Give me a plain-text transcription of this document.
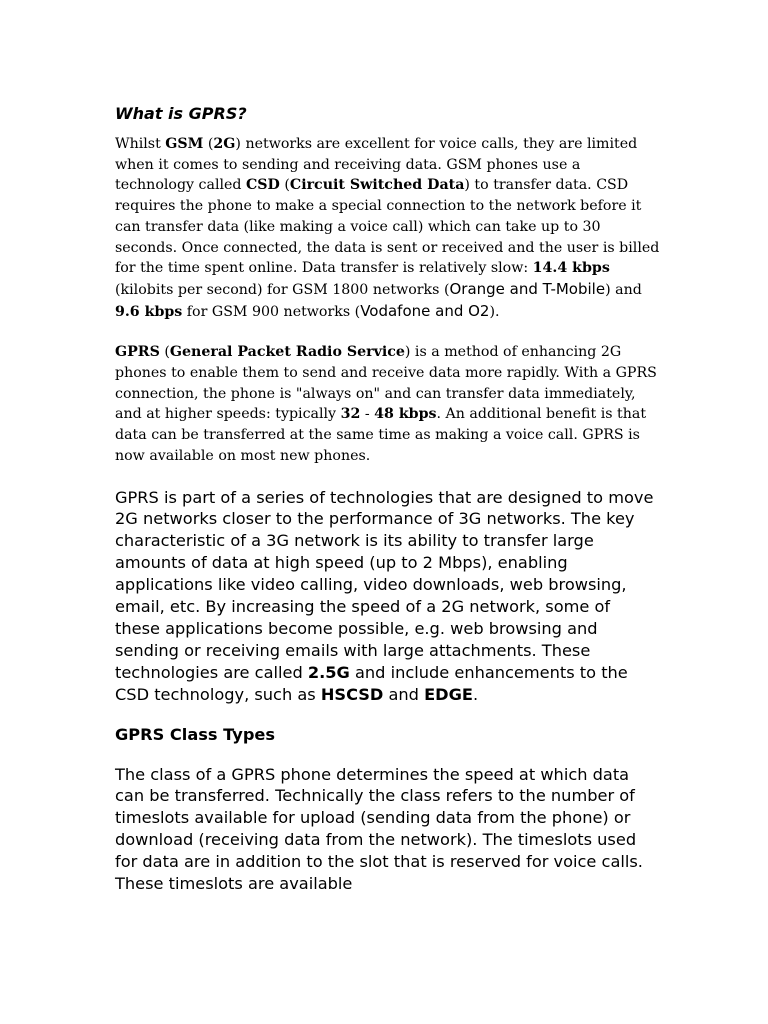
What is GPRS?

Whilst GSM (2G) networks are excellent for voice calls, they are limited when it comes to sending and receiving data. GSM phones use a technology called CSD (Circuit Switched Data) to transfer data. CSD requires the phone to make a special connection to the network before it can transfer data (like making a voice call) which can take up to 30 seconds. Once connected, the data is sent or received and the user is billed for the time spent online. Data transfer is relatively slow: 14.4 kbps (kilobits per second) for GSM 1800 networks (Orange and T-Mobile) and 9.6 kbps for GSM 900 networks (Vodafone and O2).

GPRS (General Packet Radio Service) is a method of enhancing 2G phones to enable them to send and receive data more rapidly. With a GPRS connection, the phone is "always on" and can transfer data immediately, and at higher speeds: typically 32 - 48 kbps. An additional benefit is that data can be transferred at the same time as making a voice call. GPRS is now available on most new phones.

GPRS is part of a series of technologies that are designed to move 2G networks closer to the performance of 3G networks. The key characteristic of a 3G network is its ability to transfer large amounts of data at high speed (up to 2 Mbps), enabling applications like video calling, video downloads, web browsing, email, etc. By increasing the speed of a 2G network, some of these applications become possible, e.g. web browsing and sending or receiving emails with large attachments. These technologies are called 2.5G and include enhancements to the CSD technology, such as HSCSD and EDGE.

GPRS Class Types

The class of a GPRS phone determines the speed at which data can be transferred. Technically the class refers to the number of timeslots available for upload (sending data from the phone) or download (receiving data from the network). The timeslots used for data are in addition to the slot that is reserved for voice calls. These timeslots are available
